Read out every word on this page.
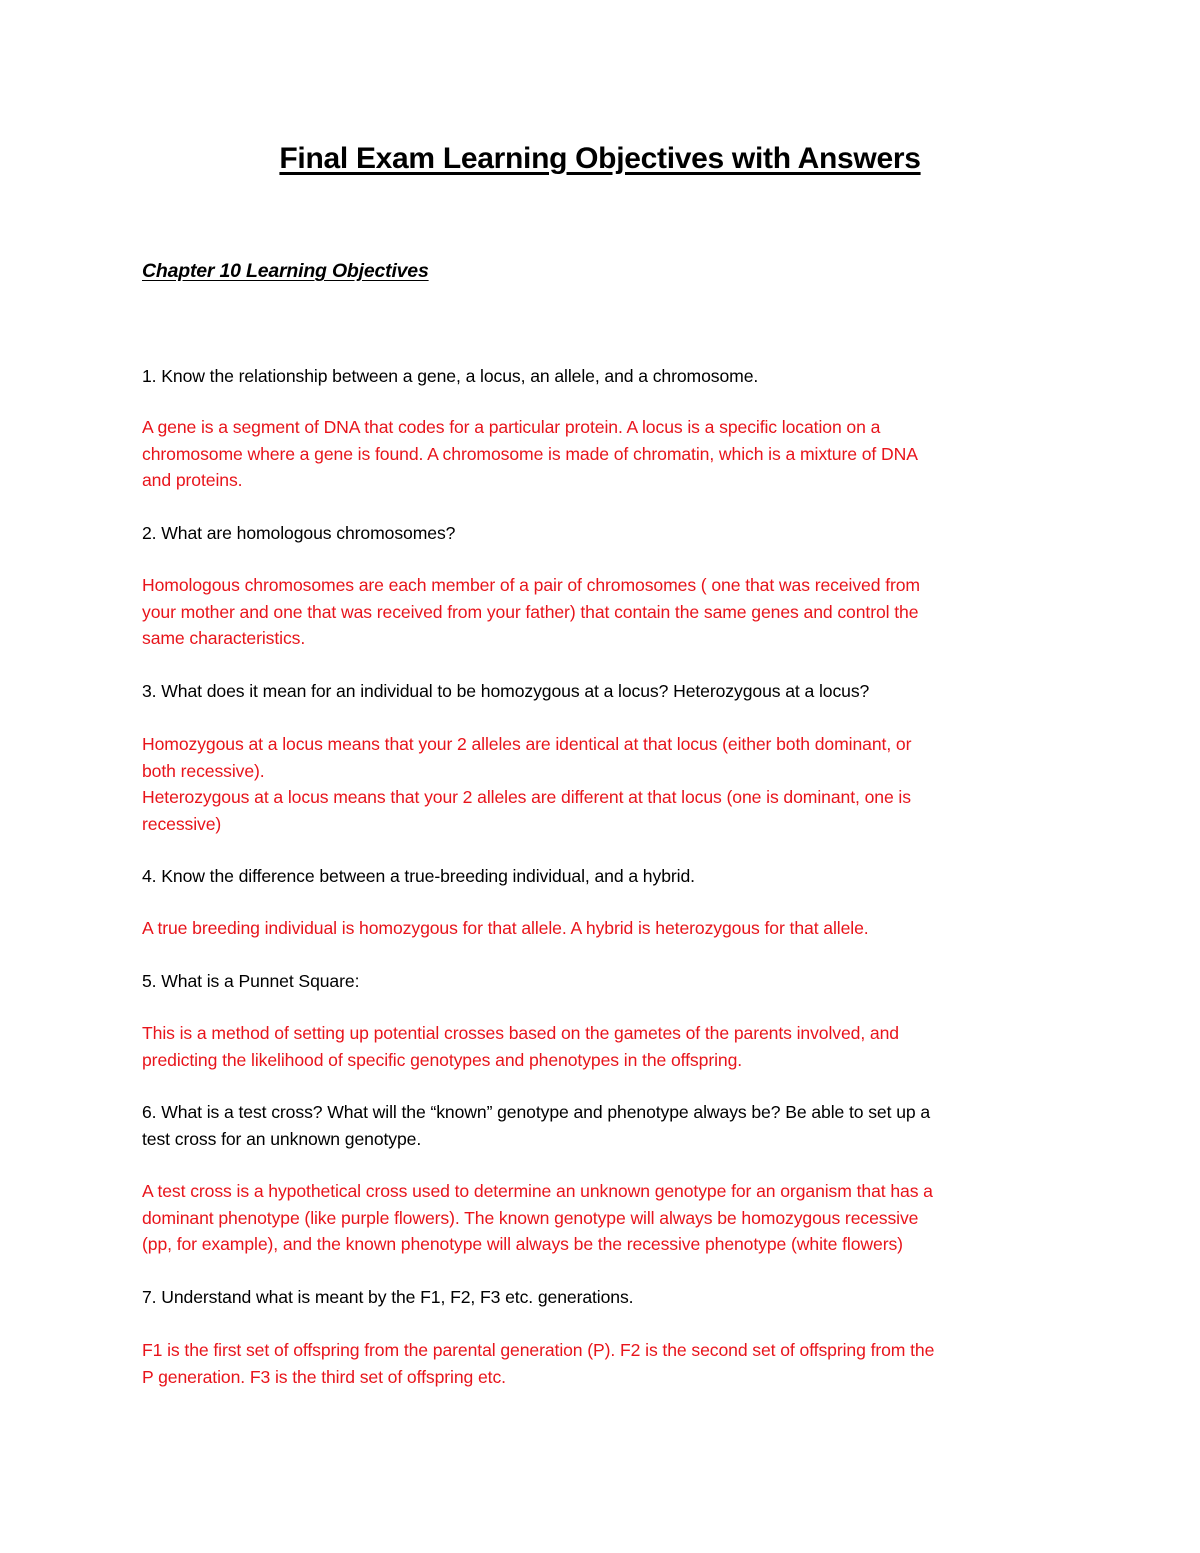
Final Exam Learning Objectives with Answers
Chapter 10 Learning Objectives
1. Know the relationship between a gene, a locus, an allele, and a chromosome.
A gene is a segment of DNA that codes for a particular protein. A locus is a specific location on a
chromosome where a gene is found. A chromosome is made of chromatin, which is a mixture of DNA
and proteins.
2. What are homologous chromosomes?
Homologous chromosomes are each member of a pair of chromosomes ( one that was received from
your mother and one that was received from your father) that contain the same genes and control the
same characteristics.
3. What does it mean for an individual to be homozygous at a locus? Heterozygous at a locus?
Homozygous at a locus means that your 2 alleles are identical at that locus (either both dominant, or
both recessive).
Heterozygous at a locus means that your 2 alleles are different at that locus (one is dominant, one is
recessive)
4. Know the difference between a true-breeding individual, and a hybrid.
A true breeding individual is homozygous for that allele. A hybrid is heterozygous for that allele.
5. What is a Punnet Square:
This is a method of setting up potential crosses based on the gametes of the parents involved, and
predicting the likelihood of specific genotypes and phenotypes in the offspring.
6. What is a test cross? What will the “known” genotype and phenotype always be? Be able to set up a
test cross for an unknown genotype.
A test cross is a hypothetical cross used to determine an unknown genotype for an organism that has a
dominant phenotype (like purple flowers). The known genotype will always be homozygous recessive
(pp, for example), and the known phenotype will always be the recessive phenotype (white flowers)
7. Understand what is meant by the F1, F2, F3 etc. generations.
F1 is the first set of offspring from the parental generation (P). F2 is the second set of offspring from the
P generation. F3 is the third set of offspring etc.
